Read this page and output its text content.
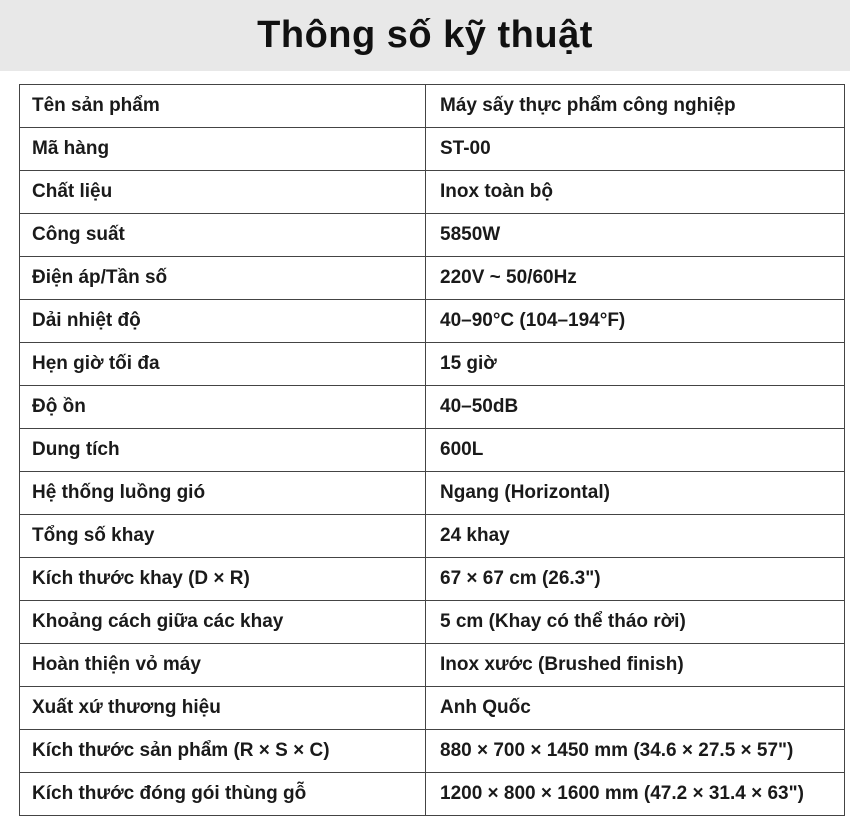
Thông số kỹ thuật
Tên sản phẩm	Máy sấy thực phẩm công nghiệp
Mã hàng	ST-00
Chất liệu	Inox toàn bộ
Công suất	5850W
Điện áp/Tần số	220V ~ 50/60Hz
Dải nhiệt độ	40–90°C (104–194°F)
Hẹn giờ tối đa	15 giờ
Độ ồn	40–50dB
Dung tích	600L
Hệ thống luồng gió	Ngang (Horizontal)
Tổng số khay	24 khay
Kích thước khay (D × R)	67 × 67 cm (26.3")
Khoảng cách giữa các khay	5 cm (Khay có thể tháo rời)
Hoàn thiện vỏ máy	Inox xước (Brushed finish)
Xuất xứ thương hiệu	Anh Quốc
Kích thước sản phẩm (R × S × C)	880 × 700 × 1450 mm (34.6 × 27.5 × 57")
Kích thước đóng gói thùng gỗ	1200 × 800 × 1600 mm (47.2 × 31.4 × 63")
